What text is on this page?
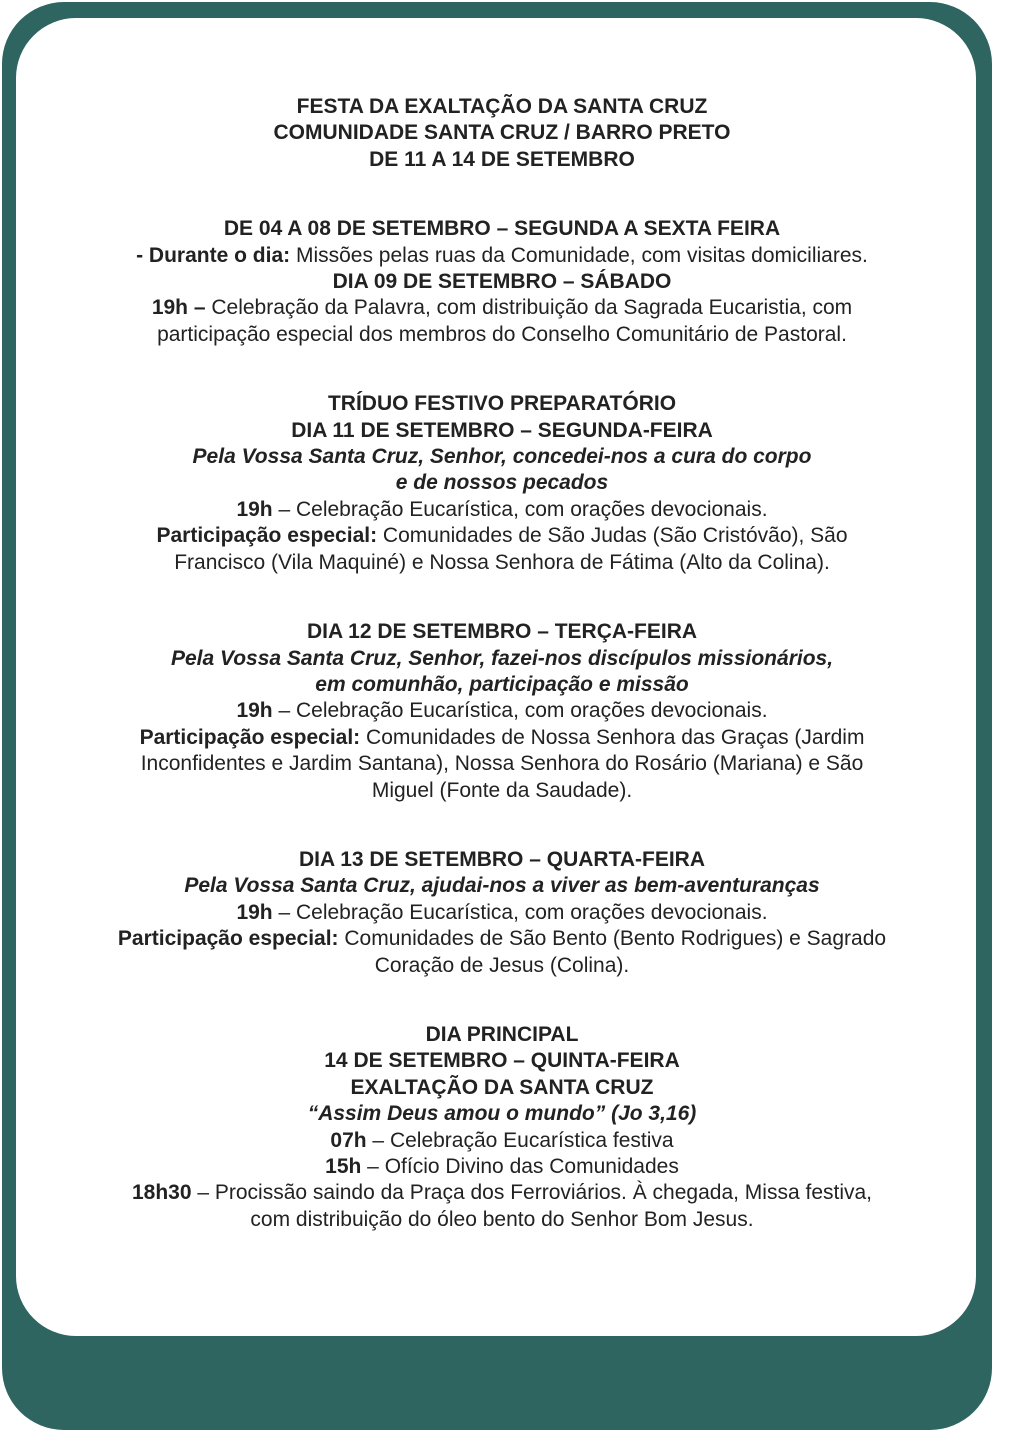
FESTA DA EXALTAÇÃO DA SANTA CRUZ
COMUNIDADE SANTA CRUZ / BARRO PRETO
DE 11 A 14 DE SETEMBRO
DE 04 A 08 DE SETEMBRO – SEGUNDA A SEXTA FEIRA
- Durante o dia: Missões pelas ruas da Comunidade, com visitas domiciliares.
DIA 09 DE SETEMBRO – SÁBADO
19h – Celebração da Palavra, com distribuição da Sagrada Eucaristia, com
participação especial dos membros do Conselho Comunitário de Pastoral.
TRÍDUO FESTIVO PREPARATÓRIO
DIA 11 DE SETEMBRO – SEGUNDA-FEIRA
Pela Vossa Santa Cruz, Senhor, concedei-nos a cura do corpo
e de nossos pecados
19h – Celebração Eucarística, com orações devocionais.
Participação especial: Comunidades de São Judas (São Cristóvão), São
Francisco (Vila Maquiné) e Nossa Senhora de Fátima (Alto da Colina).
DIA 12 DE SETEMBRO – TERÇA-FEIRA
Pela Vossa Santa Cruz, Senhor, fazei-nos discípulos missionários,
em comunhão, participação e missão
19h – Celebração Eucarística, com orações devocionais.
Participação especial: Comunidades de Nossa Senhora das Graças (Jardim
Inconfidentes e Jardim Santana), Nossa Senhora do Rosário (Mariana) e São
Miguel (Fonte da Saudade).
DIA 13 DE SETEMBRO – QUARTA-FEIRA
Pela Vossa Santa Cruz, ajudai-nos a viver as bem-aventuranças
19h – Celebração Eucarística, com orações devocionais.
Participação especial: Comunidades de São Bento (Bento Rodrigues) e Sagrado
Coração de Jesus (Colina).
DIA PRINCIPAL
14 DE SETEMBRO – QUINTA-FEIRA
EXALTAÇÃO DA SANTA CRUZ
“Assim Deus amou o mundo” (Jo 3,16)
07h – Celebração Eucarística festiva
15h – Ofício Divino das Comunidades
18h30 – Procissão saindo da Praça dos Ferroviários. À chegada, Missa festiva,
com distribuição do óleo bento do Senhor Bom Jesus.
